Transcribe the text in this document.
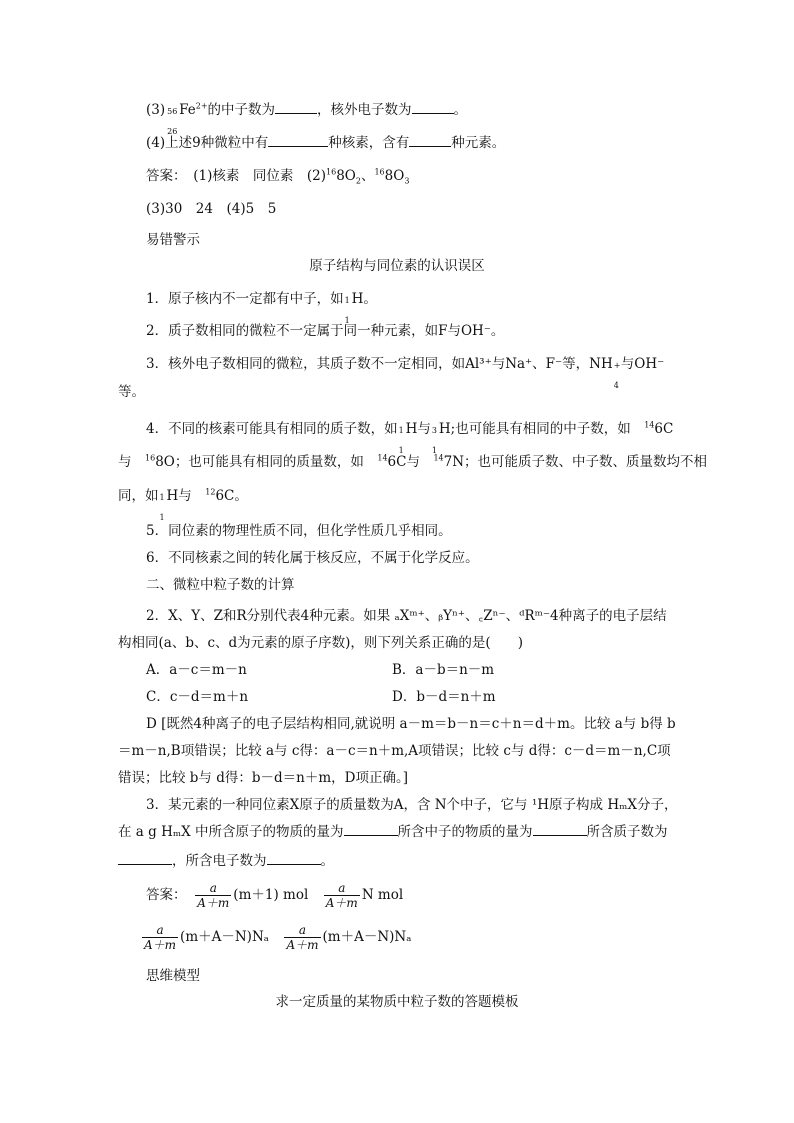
(3) 56
26
$Fe^{2+}$的中子数为	，核外电子数为	。
(4)上述9种微粒中有	种核素，含有	种元素。
答案：　 (1)核素　同位素　$(2)^{16}8O_2$、$^{16}8O_3$
(3)30　24　(4)5　5
易错警示
原子结构与同位素的认识误区
1．原子核内不一定都有中子，如 1
1
H。
2．质子数相同的微粒不一定属于同一种元素，如F与OH⁻。
3．核外电子数相同的微粒，其质子数不一定相同，如Al³⁺与Na⁺、F⁻等，NH +
4
与OH⁻
等。
4．不同的核素可能具有相同的质子数，如 1
1
H与 3
1
H;也可能具有相同的中子数，如　 $^{14}$6C
与　 $^{16}$8O；也可能具有相同的质量数，如　 $^{14}$6C与　 $^{14}$7N；也可能质子数、中子数、质量数均不相
同，如 1
1
H与　 $^{12}$6C。
5．同位素的物理性质不同，但化学性质几乎相同。
6．不同核素之间的转化属于核反应，不属于化学反应。
二、微粒中粒子数的计算
2．X、Y、Z和R分别代表4种元素。如果 ₐXᵐ⁺、ᵦYⁿ⁺、꜀Zⁿ⁻、ᵈRᵐ⁻4种离子的电子层结
构相同(a、b、c、d为元素的原子序数)，则下列关系正确的是(　　)
A．a－c＝m－n	B．a－b＝n－m
C．c－d＝m＋n	D．b－d＝n＋m
D [既然4种离子的电子层结构相同,就说明 a－m＝b－n＝c＋n＝d＋m。比较 a与 b得 b
＝m－n,B项错误；比较 a与 c得：a－c＝n＋m,A项错误；比较 c与 d得：c－d＝m－n,C项
错误；比较 b与 d得：b－d＝n＋m，D项正确。]
3．某元素的一种同位素X原子的质量数为A，含 N个中子，它与 ¹H原子构成 HₘX分子，
在 a g HₘX 中所含原子的物质的量为	所含中子的物质的量为	所含质子数为
，所含电子数为	。
答案：　 $\frac{a}{A+m} (m+1)$ mol　 $\frac{a}{A+m}$ N mol
$\frac{a}{A+m} (m+A-N)N_a$　 $\frac{a}{A+m} (m+A-N)N_a$
思维模型
求一定质量的某物质中粒子数的答题模板
